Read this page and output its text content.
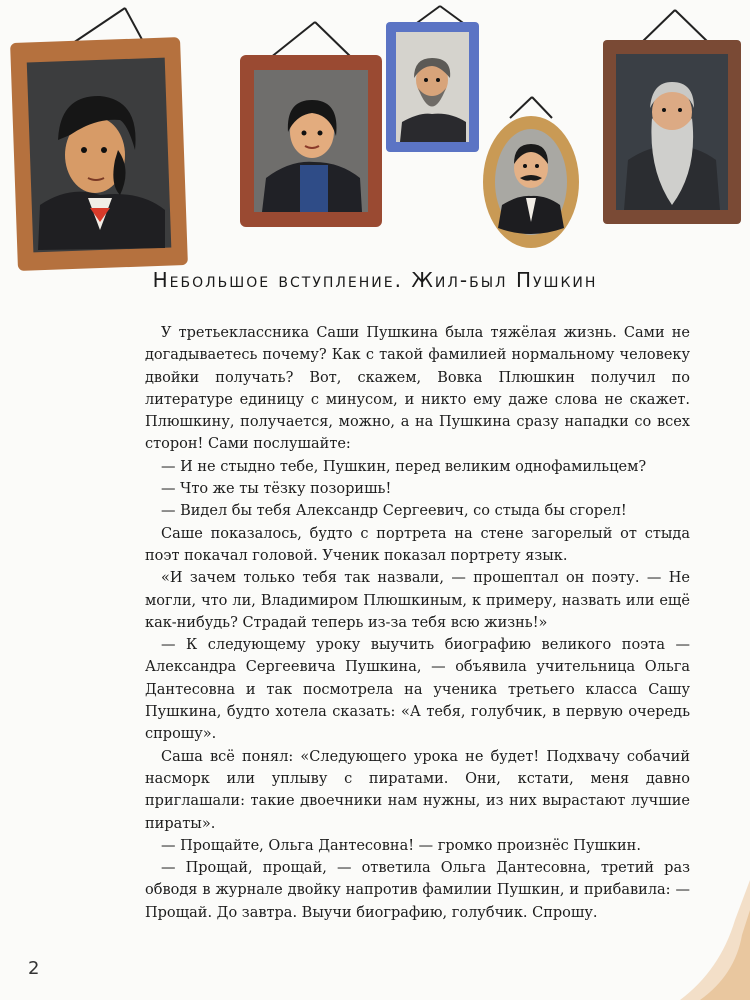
Небольшое вступление. Жил-был Пушкин

У третьеклассника Саши Пушкина была тяжёлая жизнь. Сами не догадываетесь почему? Как с такой фамилией нормальному человеку двойки получать? Вот, скажем, Вовка Плюшкин получил по литературе единицу с минусом, и никто ему даже слова не скажет. Плюшкину, получается, можно, а на Пушкина сразу нападки со всех сторон! Сами послушайте:

— И не стыдно тебе, Пушкин, перед великим однофамильцем?

— Что же ты тёзку позоришь!

— Видел бы тебя Александр Сергеевич, со стыда бы сгорел!

Саше показалось, будто с портрета на стене загорелый от стыда поэт покачал головой. Ученик показал портрету язык.

«И зачем только тебя так назвали, — прошептал он поэту. — Не могли, что ли, Владимиром Плюшкиным, к примеру, назвать или ещё как-нибудь? Страдай теперь из-за тебя всю жизнь!»

— К следующему уроку выучить биографию великого поэта — Александра Сергеевича Пушкина, — объявила учительница Ольга Дантесовна и так посмотрела на ученика третьего класса Сашу Пушкина, будто хотела сказать: «А тебя, голубчик, в первую очередь спрошу».

Саша всё понял: «Следующего урока не будет! Подхвачу собачий насморк или уплыву с пиратами. Они, кстати, меня давно приглашали: такие двоечники нам нужны, из них вырастают лучшие пираты».

— Прощайте, Ольга Дантесовна! — громко произнёс Пушкин.

— Прощай, прощай, — ответила Ольга Дантесовна, третий раз обводя в журнале двойку напротив фамилии Пушкин, и прибавила: — Прощай. До завтра. Выучи биографию, голубчик. Спрошу.

2
